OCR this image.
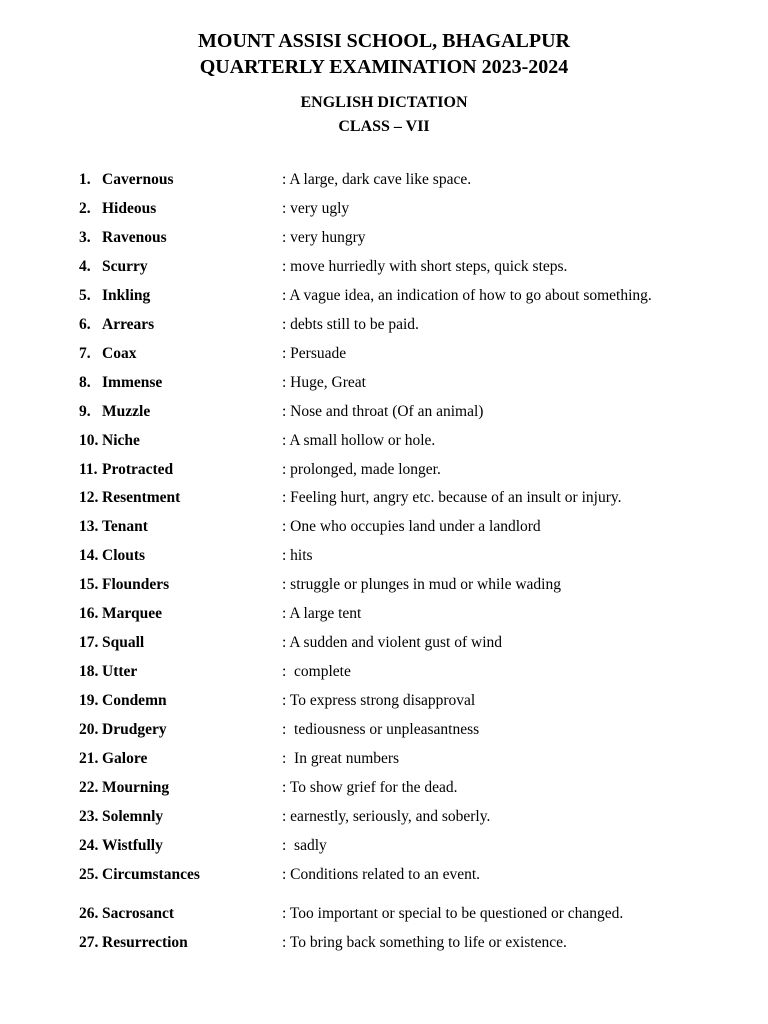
MOUNT ASSISI SCHOOL, BHAGALPUR
QUARTERLY EXAMINATION 2023-2024
ENGLISH DICTATION
CLASS – VII
1. Cavernous	: A large, dark cave like space.
2. Hideous	: very ugly
3. Ravenous	: very hungry
4. Scurry	: move hurriedly with short steps, quick steps.
5. Inkling	: A vague idea, an indication of how to go about something.
6. Arrears	: debts still to be paid.
7. Coax	: Persuade
8. Immense	: Huge, Great
9. Muzzle	: Nose and throat (Of an animal)
10. Niche	: A small hollow or hole.
11. Protracted	: prolonged, made longer.
12. Resentment	: Feeling hurt, angry etc. because of an insult or injury.
13. Tenant	: One who occupies land under a landlord
14. Clouts	: hits
15. Flounders	: struggle or plunges in mud or while wading
16. Marquee	: A large tent
17. Squall	: A sudden and violent gust of wind
18. Utter	:  complete
19. Condemn	: To express strong disapproval
20. Drudgery	:  tediousness or unpleasantness
21. Galore	:  In great numbers
22. Mourning	: To show grief for the dead.
23. Solemnly	: earnestly, seriously, and soberly.
24. Wistfully	:  sadly
25. Circumstances	: Conditions related to an event.
26. Sacrosanct	: Too important or special to be questioned or changed.
27. Resurrection	: To bring back something to life or existence.
